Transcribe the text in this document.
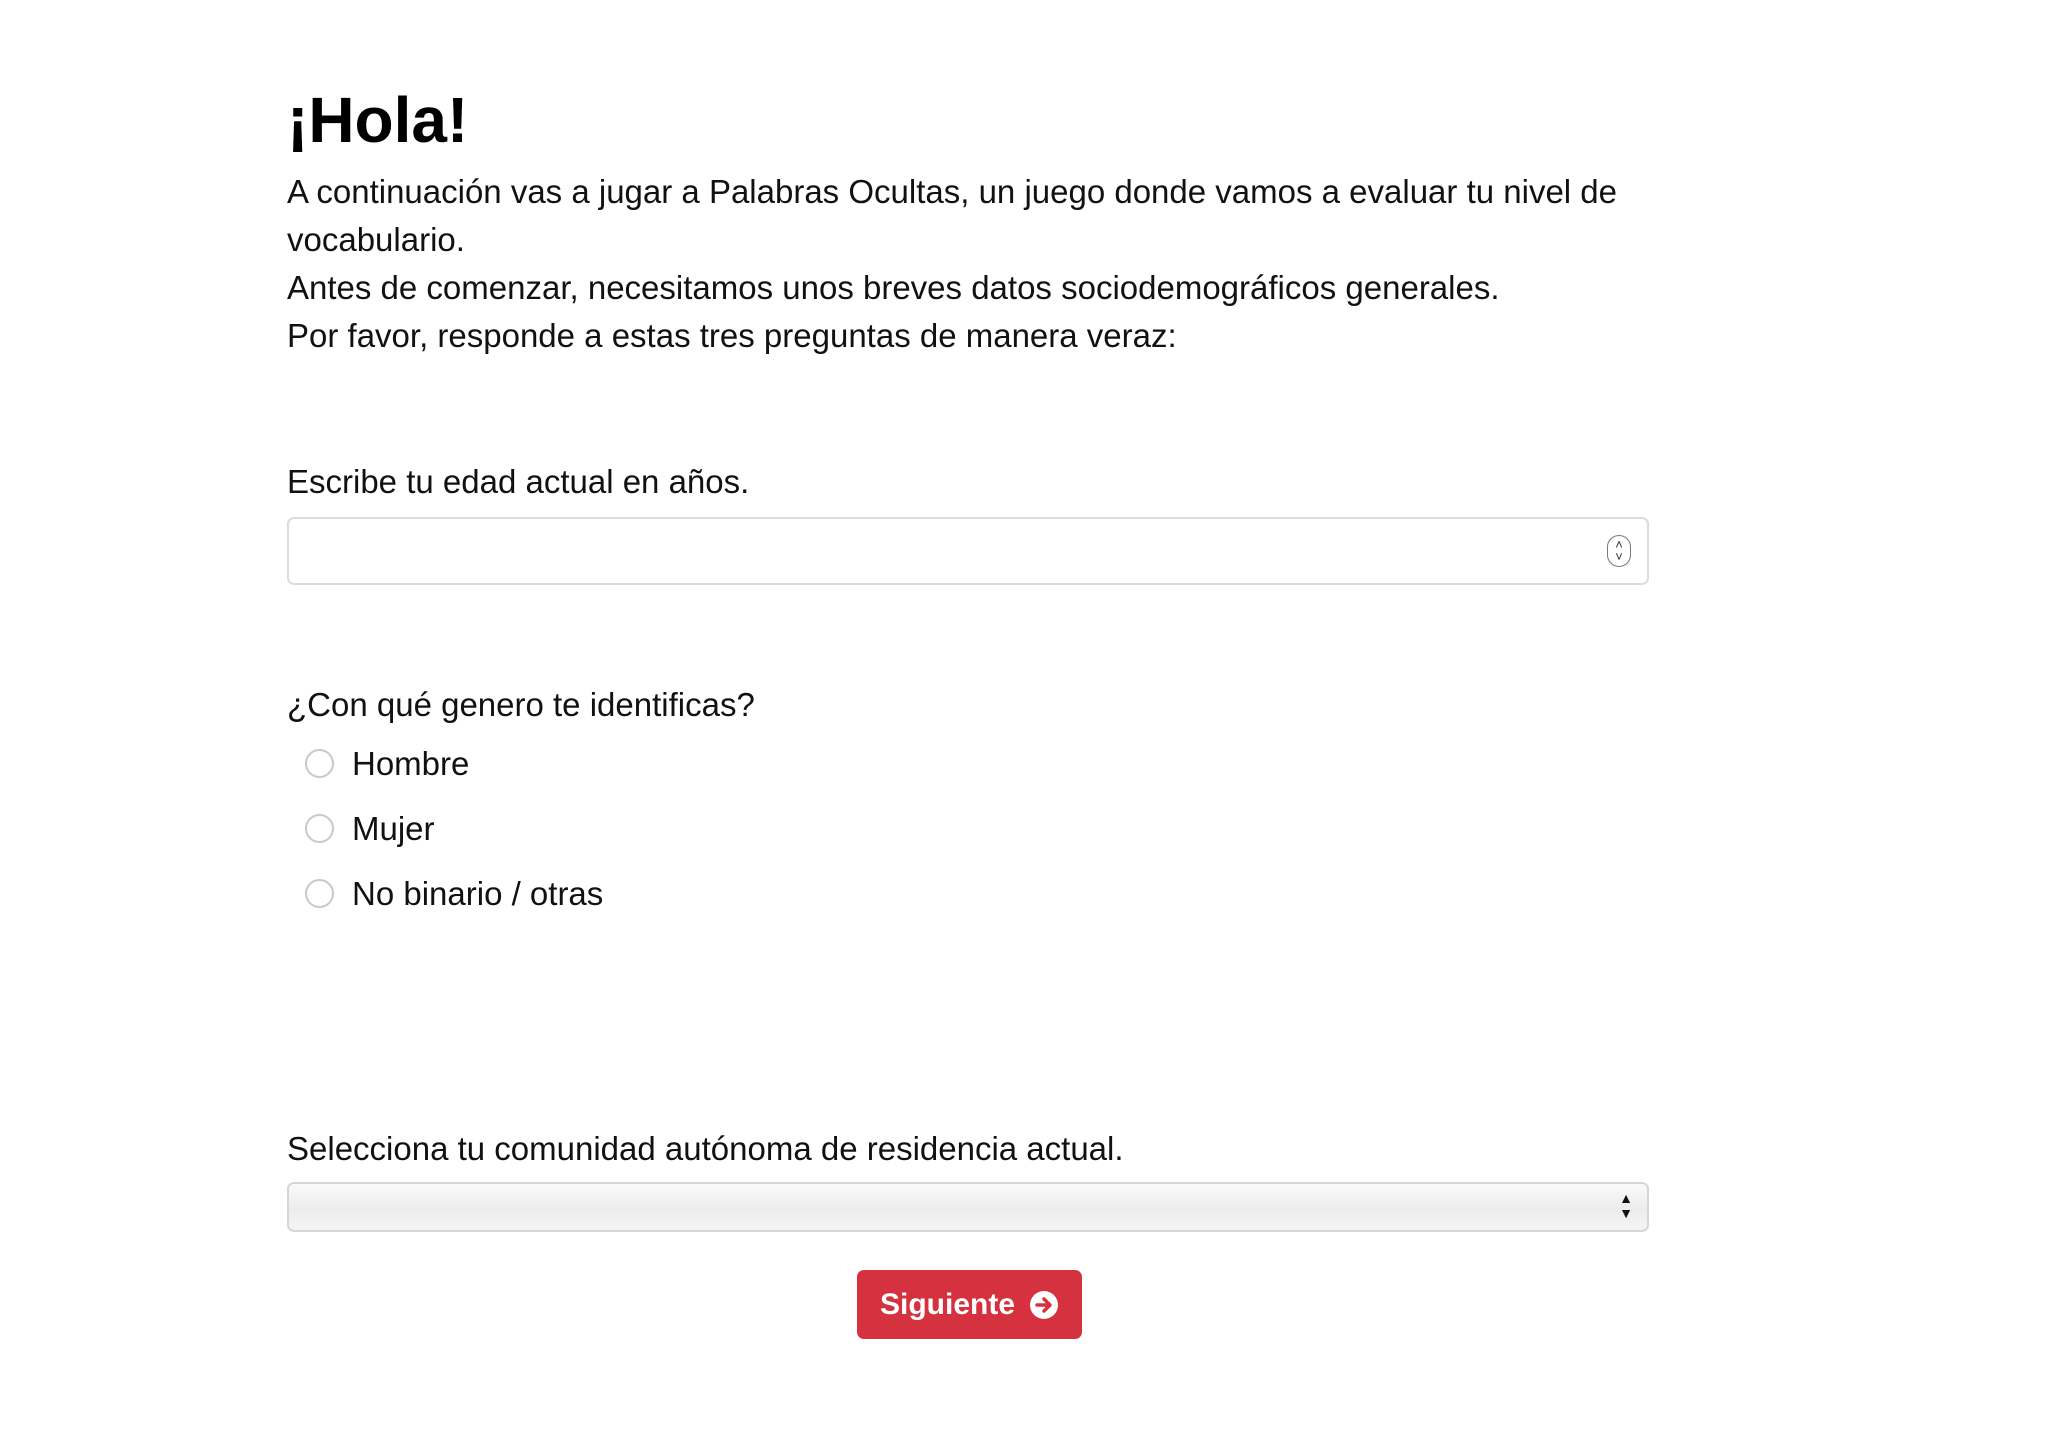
¡Hola!

A continuación vas a jugar a Palabras Ocultas, un juego donde vamos a evaluar tu nivel de vocabulario.

Antes de comenzar, necesitamos unos breves datos sociodemográficos generales.

Por favor, responde a estas tres preguntas de manera veraz:

Escribe tu edad actual en años.

˄
˅

¿Con qué genero te identificas?

Hombre
Mujer
No binario / otras

Selecciona tu comunidad autónoma de residencia actual.

▲
▼
Siguiente
